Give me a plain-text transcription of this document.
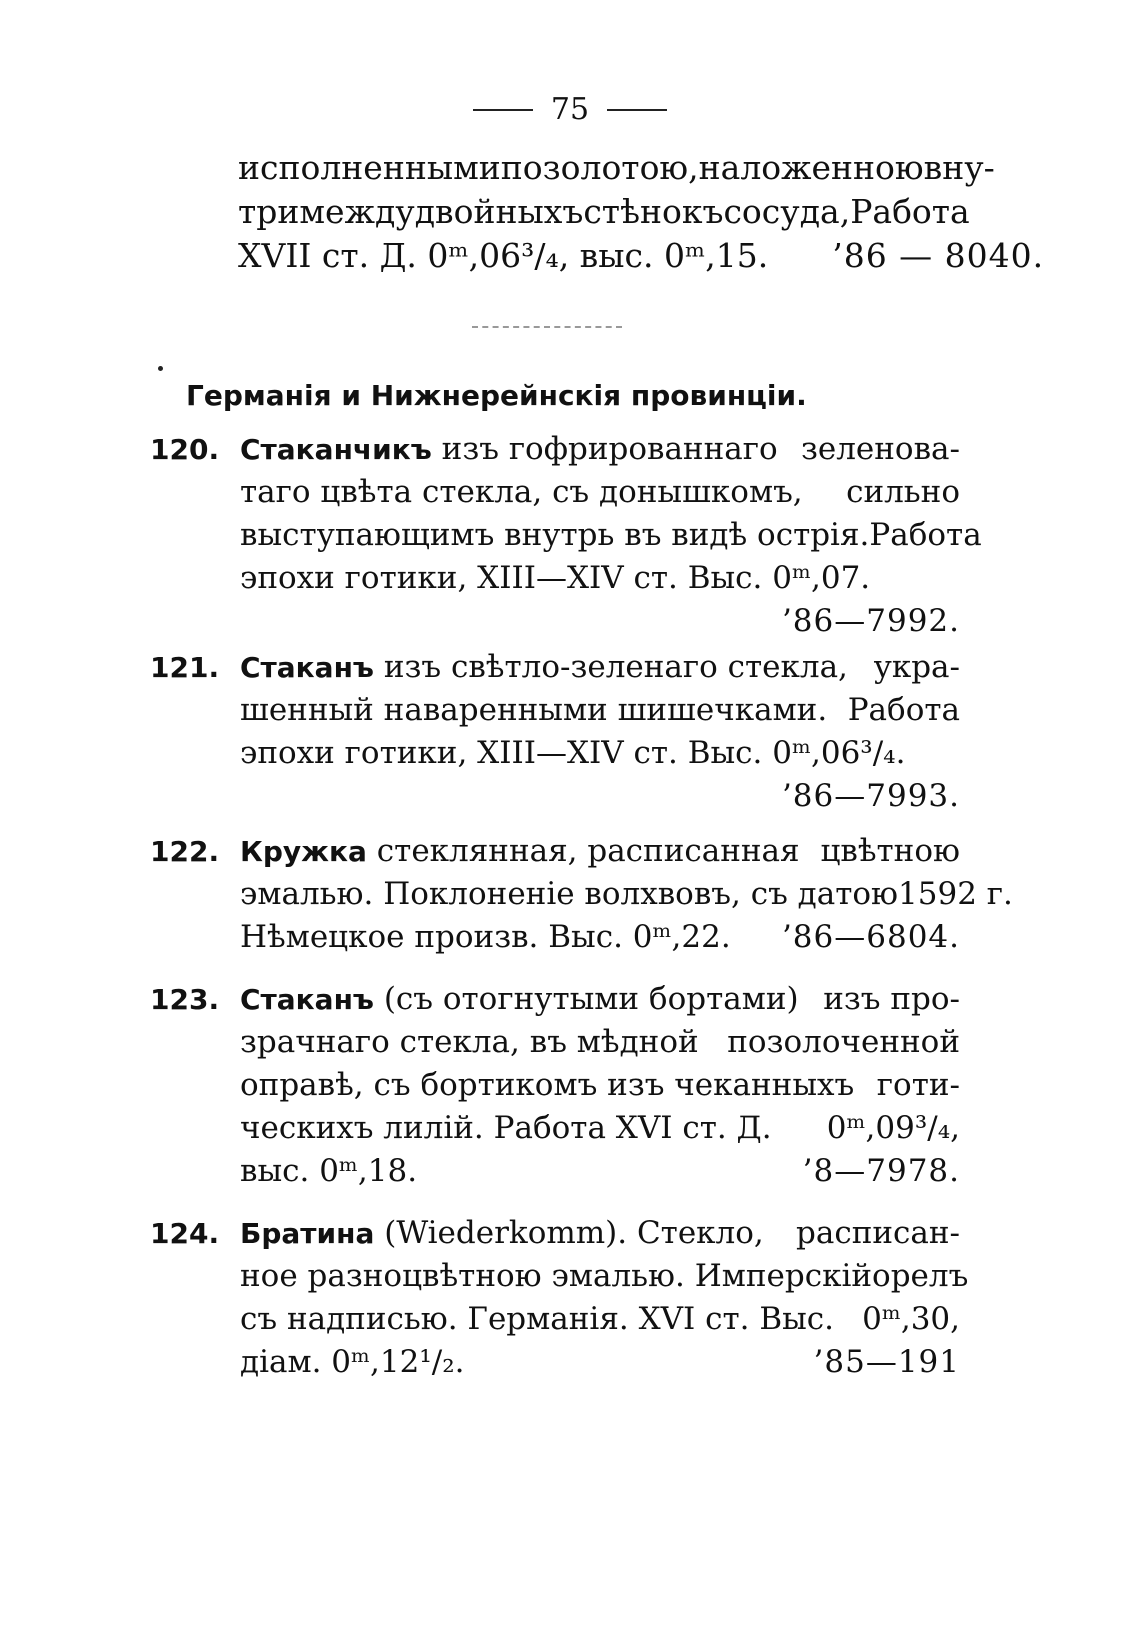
75
исполненными позолотою, наложенною вну-
три между двойныхъ стѣнокъ сосуда, Работа
XVII ст. Д. 0ᵐ,06³/₄, выс. 0ᵐ,15. ’86 — 8040.
Германія и Нижнерейнскія провинціи.
120. Стаканчикъ изъ гофрированнаго зеленова-
таго цвѣта стекла, съ донышкомъ, сильно
выступающимъ внутрь въ видѣ острія. Работа
эпохи готики, XIII—XIV ст. Выс. 0ᵐ,07.
’86—7992.
121. Стаканъ изъ свѣтло-зеленаго стекла, укра-
шенный наваренными шишечками. Работа
эпохи готики, XIII—XIV ст. Выс. 0ᵐ,06³/₄.
’86—7993.
122. Кружка стеклянная, расписанная цвѣтною
эмалью. Поклоненіе волхвовъ, съ датою 1592 г.
Нѣмецкое произв. Выс. 0ᵐ,22. ’86—6804.
123. Стаканъ (съ отогнутыми бортами) изъ про-
зрачнаго стекла, въ мѣдной позолоченной
оправѣ, съ бортикомъ изъ чеканныхъ готи-
ческихъ лилій. Работа XVI ст. Д. 0ᵐ,09³/₄,
выс. 0ᵐ,18.	’8—7978.
124. Братина (Wiederkomm). Стекло, расписан-
ное разноцвѣтною эмалью. Имперскій орелъ
съ надписью. Германія. XVI ст. Выс. 0ᵐ,30,
діам. 0ᵐ,12¹/₂.	’85—191
